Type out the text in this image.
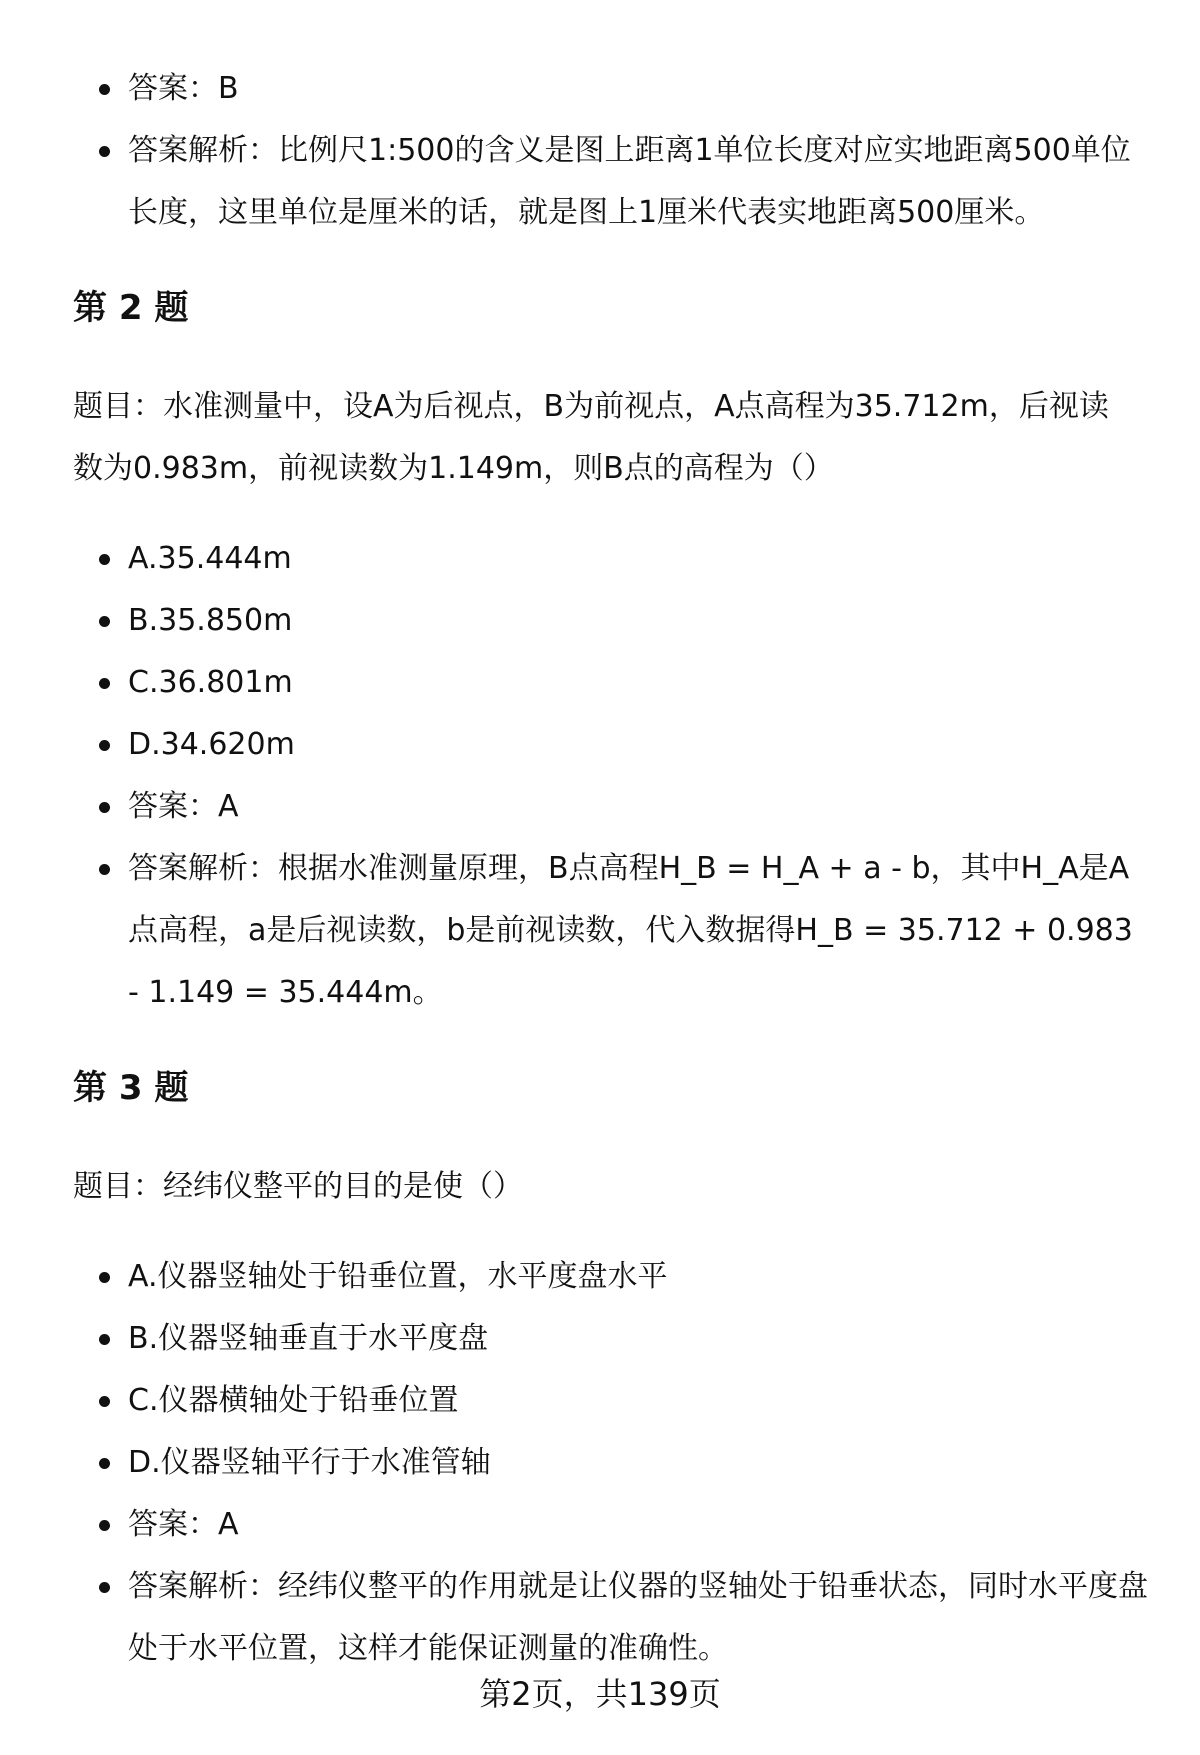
答案：B
答案解析：比例尺1:500的含义是图上距离1单位长度对应实地距离500单位长度，这里单位是厘米的话，就是图上1厘米代表实地距离500厘米。
第 2 题
题目：水准测量中，设A为后视点，B为前视点，A点高程为35.712m，后视读数为0.983m，前视读数为1.149m，则B点的高程为（）
A.35.444m
B.35.850m
C.36.801m
D.34.620m
答案：A
答案解析：根据水准测量原理，B点高程H_B = H_A + a - b，其中H_A是A点高程，a是后视读数，b是前视读数，代入数据得H_B = 35.712 + 0.983 - 1.149 = 35.444m。
第 3 题
题目：经纬仪整平的目的是使（）
A.仪器竖轴处于铅垂位置，水平度盘水平
B.仪器竖轴垂直于水平度盘
C.仪器横轴处于铅垂位置
D.仪器竖轴平行于水准管轴
答案：A
答案解析：经纬仪整平的作用就是让仪器的竖轴处于铅垂状态，同时水平度盘处于水平位置，这样才能保证测量的准确性。
第2页，共139页
